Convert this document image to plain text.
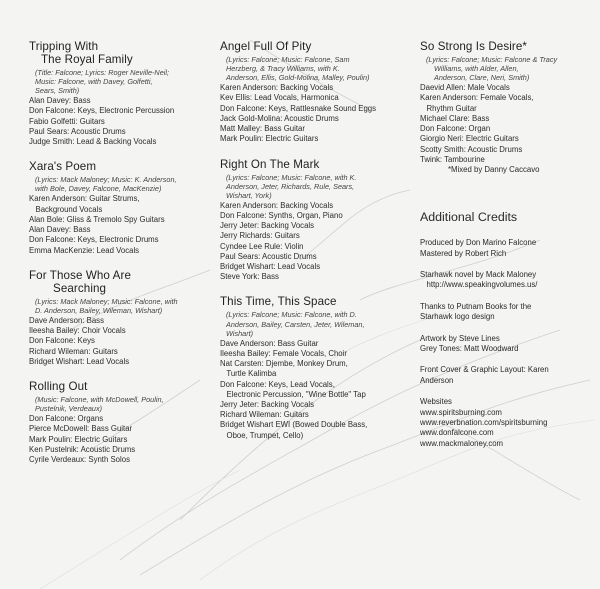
Tripping With
The Royal Family
(Title: Falcone; Lyrics: Roger Neville-Neil;
Music: Falcone, with Davey, Golfetti,
Sears, Smith)
Alan Davey: Bass
Don Falcone: Keys, Electronic Percussion
Fabio Golfetti: Guitars
Paul Sears: Acoustic Drums
Judge Smith: Lead & Backing Vocals
Xara's Poem
(Lyrics: Mack Maloney; Music: K. Anderson,
with Bole, Davey, Falcone, MacKenzie)
Karen Anderson: Guitar Strums,
Background Vocals
Alan Bole: Gliss & Tremolo Spy Guitars
Alan Davey: Bass
Don Falcone: Keys, Electronic Drums
Emma MacKenzie: Lead Vocals
For Those Who Are
Searching
(Lyrics: Mack Maloney; Music: Falcone, with
D. Anderson, Bailey, Wileman, Wishart)
Dave Anderson: Bass
Ileesha Bailey: Choir Vocals
Don Falcone: Keys
Richard Wileman: Guitars
Bridget Wishart: Lead Vocals
Rolling Out
(Music: Falcone, with McDowell, Poulin,
Pustelnik, Verdeaux)
Don Falcone: Organs
Pierce McDowell: Bass Guitar
Mark Poulin: Electric Guitars
Ken Pustelnik: Acoustic Drums
Cyrile Verdeaux: Synth Solos
Angel Full Of Pity
(Lyrics: Falcone; Music: Falcone, Sam
Herzberg, & Tracy Williams, with K.
Anderson, Ellis, Gold-Molina, Malley, Poulin)
Karen Anderson: Backing Vocals
Kev Ellis: Lead Vocals, Harmonica
Don Falcone: Keys, Rattlesnake Sound Eggs
Jack Gold-Molina: Acoustic Drums
Matt Malley: Bass Guitar
Mark Poulin: Electric Guitars
Right On The Mark
(Lyrics: Falcone; Music: Falcone, with K.
Anderson, Jeter, Richards, Rule, Sears,
Wishart, York)
Karen Anderson: Backing Vocals
Don Falcone: Synths, Organ, Piano
Jerry Jeter: Backing Vocals
Jerry Richards: Guitars
Cyndee Lee Rule: Violin
Paul Sears: Acoustic Drums
Bridget Wishart: Lead Vocals
Steve York: Bass
This Time, This Space
(Lyrics: Falcone; Music: Falcone, with D.
Anderson, Bailey, Carsten, Jeter, Wileman,
Wishart)
Dave Anderson: Bass Guitar
Ileesha Bailey: Female Vocals, Choir
Nat Carsten: Djembe, Monkey Drum,
Turtle Kalimba
Don Falcone: Keys, Lead Vocals,
Electronic Percussion, "Wine Bottle" Tap
Jerry Jeter: Backing Vocals
Richard Wileman: Guitars
Bridget Wishart EWI (Bowed Double Bass,
Oboe, Trumpet, Cello)
So Strong Is Desire*
(Lyrics: Falcone; Music: Falcone & Tracy
Williams, with Alder, Allen,
Anderson, Clare, Neri, Smith)
Daevid Allen: Male Vocals
Karen Anderson: Female Vocals,
Rhythm Guitar
Michael Clare: Bass
Don Falcone: Organ
Giorgio Neri: Electric Guitars
Scotty Smith: Acoustic Drums
Twink: Tambourine
*Mixed by Danny Caccavo
Additional Credits
Produced by Don Marino Falcone
Mastered by Robert Rich
Starhawk novel by Mack Maloney
http://www.speakingvolumes.us/
Thanks to Putnam Books for the
Starhawk logo design
Artwork by Steve Lines
Grey Tones: Matt Woodward
Front Cover & Graphic Layout: Karen
Anderson
Websites
www.spiritsburning.com
www.reverbnation.com/spiritsburning
www.donfalcone.com
www.mackmaloney.com
